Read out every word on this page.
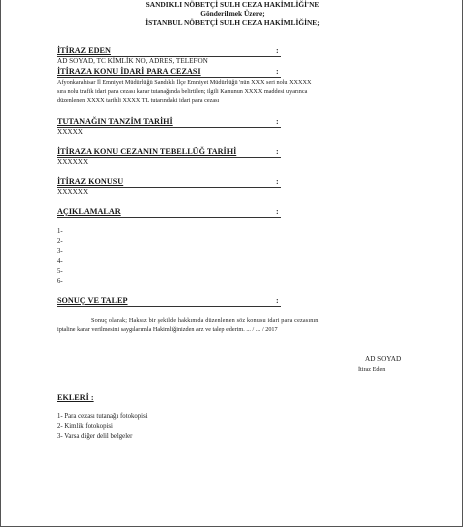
SANDIKLI NÖBETÇİ SULH CEZA HAKİMLİĞİ'NE
Gönderilmek Üzere;
İSTANBUL NÖBETÇİ SULH CEZA HAKİMLİĞİNE;
İTİRAZ EDEN	:
AD SOYAD, TC KİMLİK NO, ADRES, TELEFON
İTİRAZA KONU İDARİ PARA CEZASI	:
Afyonkarahisar İl Emniyet Müdürlüğü Sandıklı İlçe Emniyet Müdürlüğü 'nün XXX seri nolu XXXXX
sıra nolu trafik idari para cezası karar tutanağında belirtilen; ilgili Kanunun XXXX maddesi uyarınca
düzenlenen XXXX tarihli XXXX TL tutarındaki idari para cezası
TUTANAĞIN TANZİM TARİHİ	:
XXXXX
İTİRAZA KONU CEZANIN TEBELLÜĞ TARİHİ	:
XXXXXX
İTİRAZ KONUSU	:
XXXXXX
AÇIKLAMALAR	:
1-
2-
3-
4-
5-
6-
SONUÇ VE TALEP	:
Sonuç olarak; Haksız bir şekilde hakkımda düzenlenen söz konusu idari para cezasının
iptaline karar verilmesini saygılarımla Hakimliğinizden arz ve talep ederim. ... / ... / 2017
AD SOYAD
İtiraz Eden
EKLERİ :
1- Para cezası tutanağı fotokopisi
2- Kimlik fotokopisi
3- Varsa diğer delil belgeler
